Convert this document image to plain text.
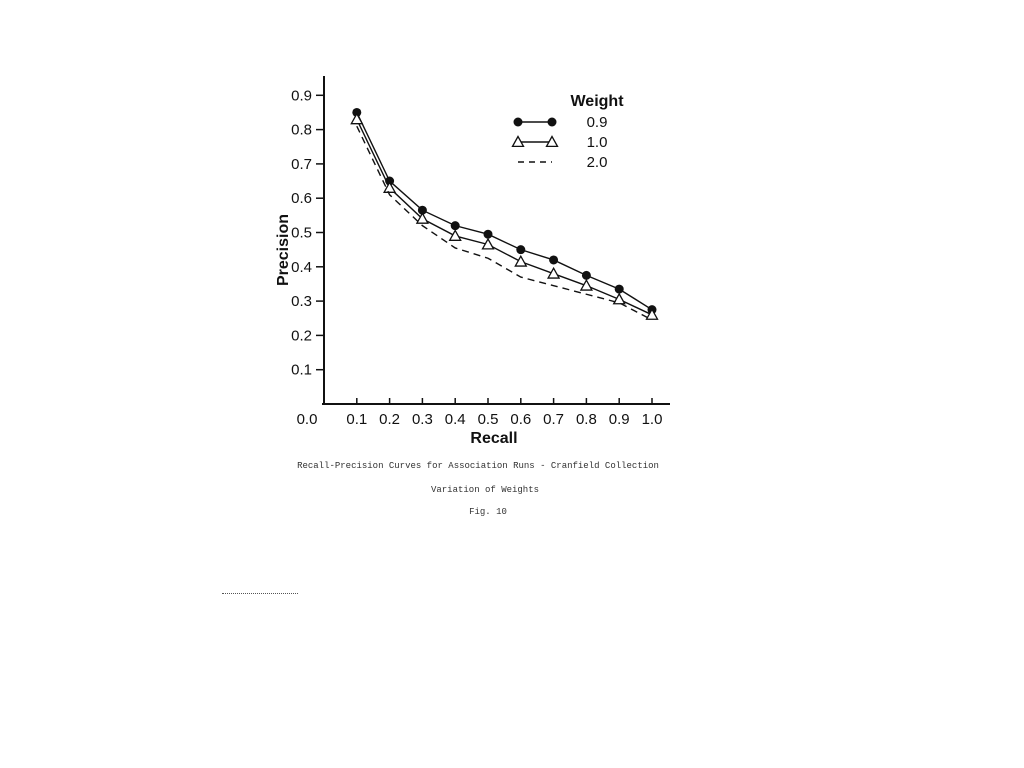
0.0
0.1
0.2
0.3
0.4
0.5
0.6
0.7
0.8
0.9
0.1 0.2 0.3 0.4 0.5 0.6 0.7 0.8 0.9 1.0
Weight
0.9
1.0
2.0
Precision
Recall

Recall-Precision Curves for Association Runs - Cranfield Collection

Variation of Weights

Fig. 10
